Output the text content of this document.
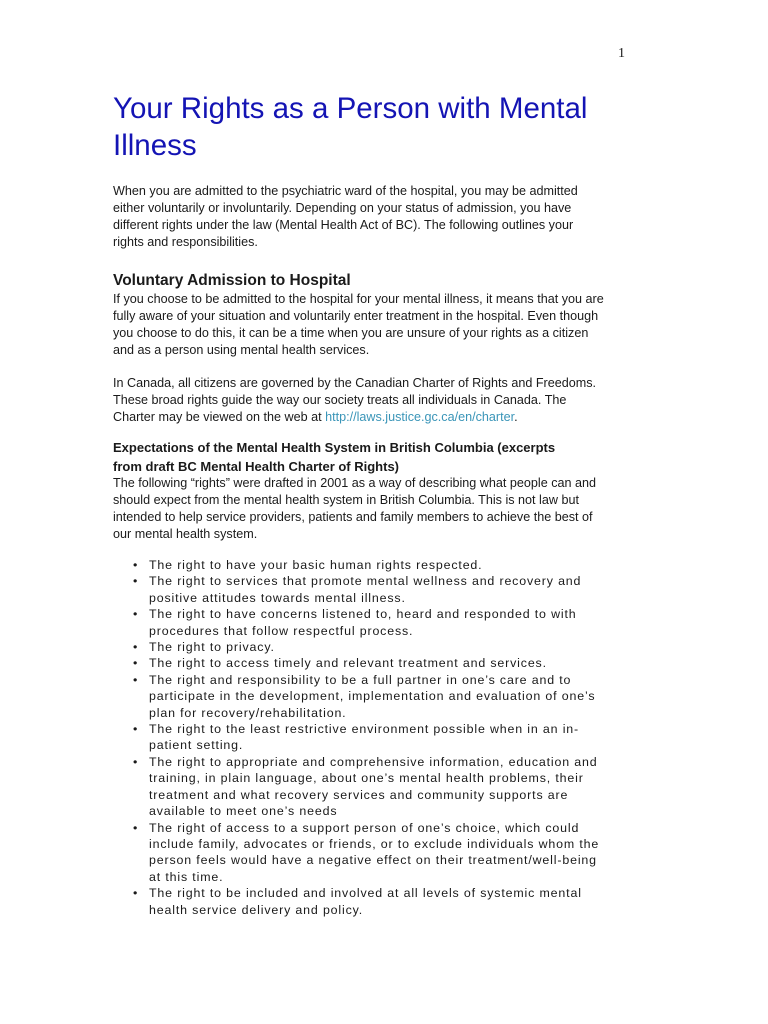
1
Your Rights as a Person with Mental
Illness
When you are admitted to the psychiatric ward of the hospital, you may be admitted
either voluntarily or involuntarily. Depending on your status of admission, you have
different rights under the law (Mental Health Act of BC). The following outlines your
rights and responsibilities.
Voluntary Admission to Hospital
If you choose to be admitted to the hospital for your mental illness, it means that you are
fully aware of your situation and voluntarily enter treatment in the hospital. Even though
you choose to do this, it can be a time when you are unsure of your rights as a citizen
and as a person using mental health services.
In Canada, all citizens are governed by the Canadian Charter of Rights and Freedoms.
These broad rights guide the way our society treats all individuals in Canada. The
Charter may be viewed on the web at http://laws.justice.gc.ca/en/charter.
Expectations of the Mental Health System in British Columbia (excerpts
from draft BC Mental Health Charter of Rights)
The following “rights” were drafted in 2001 as a way of describing what people can and
should expect from the mental health system in British Columbia. This is not law but
intended to help service providers, patients and family members to achieve the best of
our mental health system.
• The right to have your basic human rights respected.
• The right to services that promote mental wellness and recovery and
positive attitudes towards mental illness.
• The right to have concerns listened to, heard and responded to with
procedures that follow respectful process.
• The right to privacy.
• The right to access timely and relevant treatment and services.
• The right and responsibility to be a full partner in one’s care and to
participate in the development, implementation and evaluation of one’s
plan for recovery/rehabilitation.
• The right to the least restrictive environment possible when in an in-
patient setting.
• The right to appropriate and comprehensive information, education and
training, in plain language, about one’s mental health problems, their
treatment and what recovery services and community supports are
available to meet one’s needs
• The right of access to a support person of one’s choice, which could
include family, advocates or friends, or to exclude individuals whom the
person feels would have a negative effect on their treatment/well-being
at this time.
• The right to be included and involved at all levels of systemic mental
health service delivery and policy.
